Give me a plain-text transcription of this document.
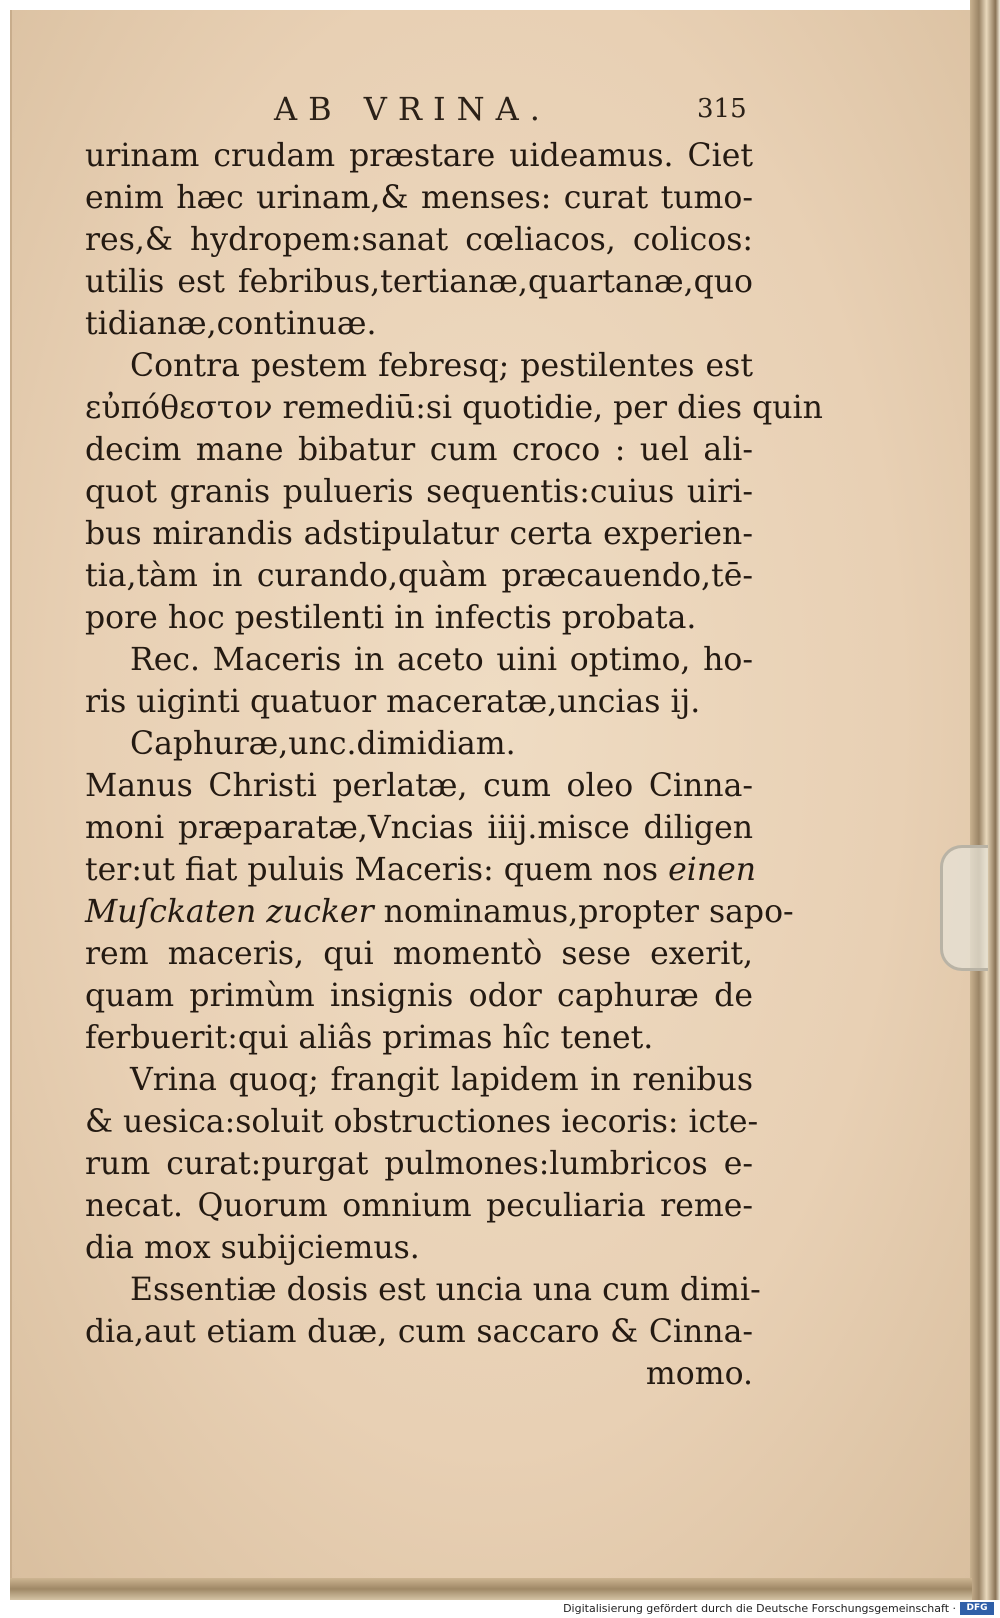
AB VRINA.	315
urinam crudam præstare uideamus. Ciet
enim hæc urinam,& menses: curat tumo-
res,& hydropem:sanat cœliacos, colicos:
utilis est febribus,tertianæ,quartanæ,quo
tidianæ,continuæ.
Contra pestem febresq; pestilentes est
εὐπόθεστον remediū:si quotidie, per dies quin
decim mane bibatur cum croco : uel ali-
quot granis pulueris sequentis:cuius uiri-
bus mirandis adstipulatur certa experien-
tia,tàm in curando,quàm præcauendo,tē-
pore hoc pestilenti in infectis probata.
Rec. Maceris in aceto uini optimo, ho-
ris uiginti quatuor maceratæ,uncias ij.
Caphuræ,unc.dimidiam.
Manus Christi perlatæ, cum oleo Cinna-
moni præparatæ,Vncias iiij.misce diligen
ter:ut fiat puluis Maceris: quem nos einen
Muſckaten zucker nominamus,propter sapo-
rem maceris, qui momentò sese exerit,
quam primùm insignis odor caphuræ de
ferbuerit:qui aliâs primas hîc tenet.
Vrina quoq; frangit lapidem in renibus
& uesica:soluit obstructiones iecoris: icte-
rum curat:purgat pulmones:lumbricos e-
necat. Quorum omnium peculiaria reme-
dia mox subijciemus.
Essentiæ dosis est uncia una cum dimi-
dia,aut etiam duæ, cum saccaro & Cinna-
momo.
Digitalisierung gefördert durch die Deutsche Forschungsgemeinschaft ·	DFG
